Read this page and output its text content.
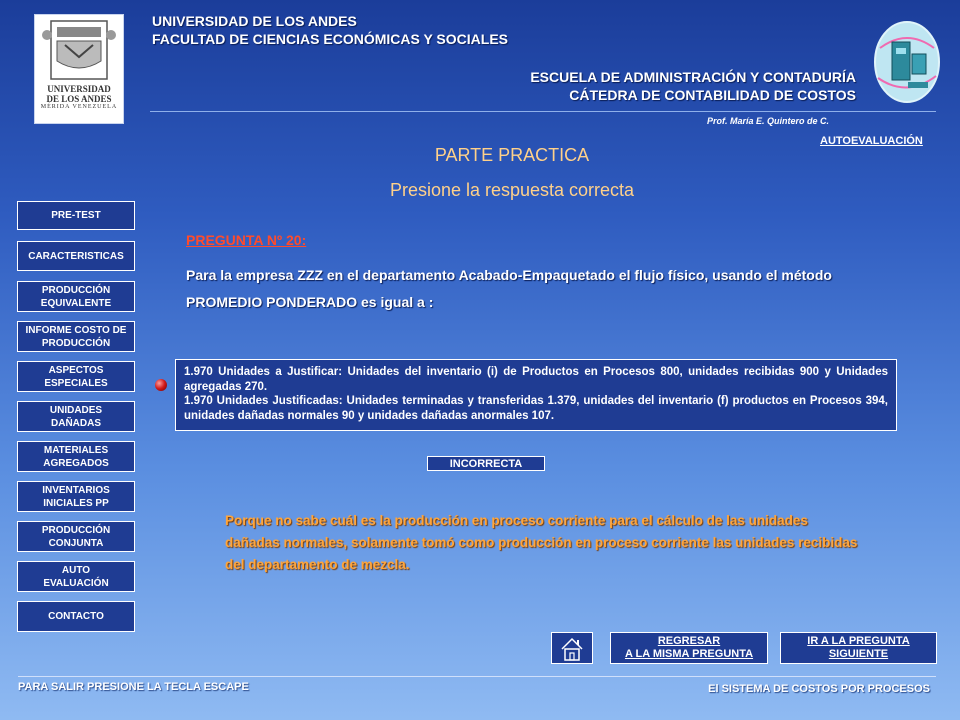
UNIVERSIDAD
DE LOS ANDES
MÉRIDA VENEZUELA
UNIVERSIDAD DE LOS ANDES
FACULTAD DE CIENCIAS ECONÓMICAS Y SOCIALES
ESCUELA DE ADMINISTRACIÓN Y CONTADURÍA
CÁTEDRA DE CONTABILIDAD DE COSTOS
Prof. María E. Quintero de C.
AUTOEVALUACIÓN
PARTE PRACTICA
Presione la respuesta correcta
PRE-TEST
CARACTERISTICAS
PRODUCCIÓN EQUIVALENTE
INFORME COSTO DE PRODUCCIÓN
ASPECTOS ESPECIALES
UNIDADES DAÑADAS
MATERIALES AGREGADOS
INVENTARIOS INICIALES PP
PRODUCCIÓN CONJUNTA
AUTO EVALUACIÓN
CONTACTO
PREGUNTA Nº 20:
Para la empresa ZZZ en el departamento Acabado-Empaquetado el flujo físico, usando el método PROMEDIO PONDERADO es igual a :
1.970 Unidades a Justificar: Unidades del inventario (i) de Productos en Procesos 800, unidades recibidas 900 y Unidades agregadas 270.
1.970 Unidades Justificadas: Unidades terminadas y transferidas 1.379, unidades del inventario (f) productos en Procesos 394, unidades dañadas normales 90 y unidades dañadas anormales 107.
INCORRECTA
Porque no sabe cuál es la producción en proceso corriente para el cálculo de las unidades dañadas normales, solamente tomó como producción en proceso corriente las unidades recibidas del departamento de mezcla.
REGRESAR
A LA MISMA PREGUNTA
IR A LA PREGUNTA
SIGUIENTE
PARA SALIR PRESIONE LA TECLA ESCAPE	El SISTEMA DE COSTOS POR PROCESOS
